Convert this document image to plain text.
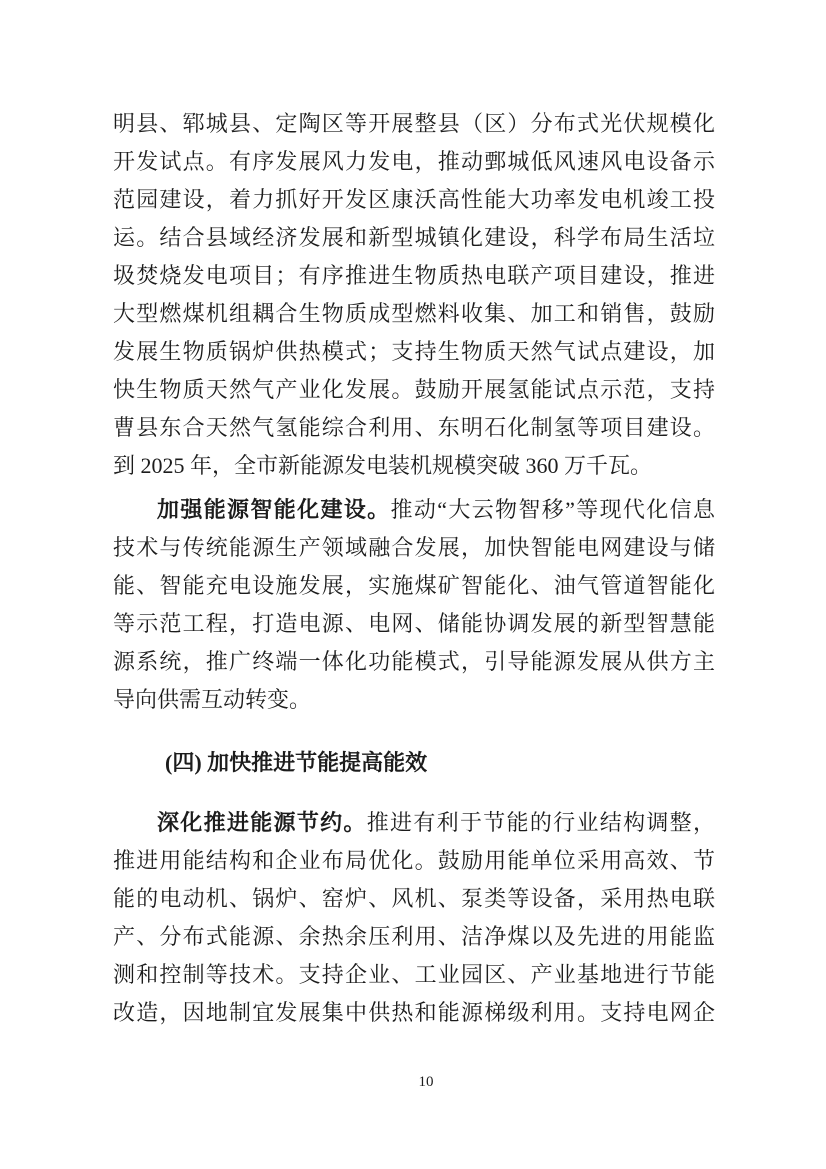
明县、郓城县、定陶区等开展整县（区）分布式光伏规模化
开发试点。有序发展风力发电，推动鄄城低风速风电设备示
范园建设，着力抓好开发区康沃高性能大功率发电机竣工投
运。结合县域经济发展和新型城镇化建设，科学布局生活垃
圾焚烧发电项目；有序推进生物质热电联产项目建设，推进
大型燃煤机组耦合生物质成型燃料收集、加工和销售，鼓励
发展生物质锅炉供热模式；支持生物质天然气试点建设，加
快生物质天然气产业化发展。鼓励开展氢能试点示范，支持
曹县东合天然气氢能综合利用、东明石化制氢等项目建设。
到 2025 年，全市新能源发电装机规模突破 360 万千瓦。
加强能源智能化建设。推动“大云物智移”等现代化信息
技术与传统能源生产领域融合发展，加快智能电网建设与储
能、智能充电设施发展，实施煤矿智能化、油气管道智能化
等示范工程，打造电源、电网、储能协调发展的新型智慧能
源系统，推广终端一体化功能模式，引导能源发展从供方主
导向供需互动转变。
(四) 加快推进节能提高能效
深化推进能源节约。推进有利于节能的行业结构调整，
推进用能结构和企业布局优化。鼓励用能单位采用高效、节
能的电动机、锅炉、窑炉、风机、泵类等设备，采用热电联
产、分布式能源、余热余压利用、洁净煤以及先进的用能监
测和控制等技术。支持企业、工业园区、产业基地进行节能
改造，因地制宜发展集中供热和能源梯级利用。支持电网企
10
